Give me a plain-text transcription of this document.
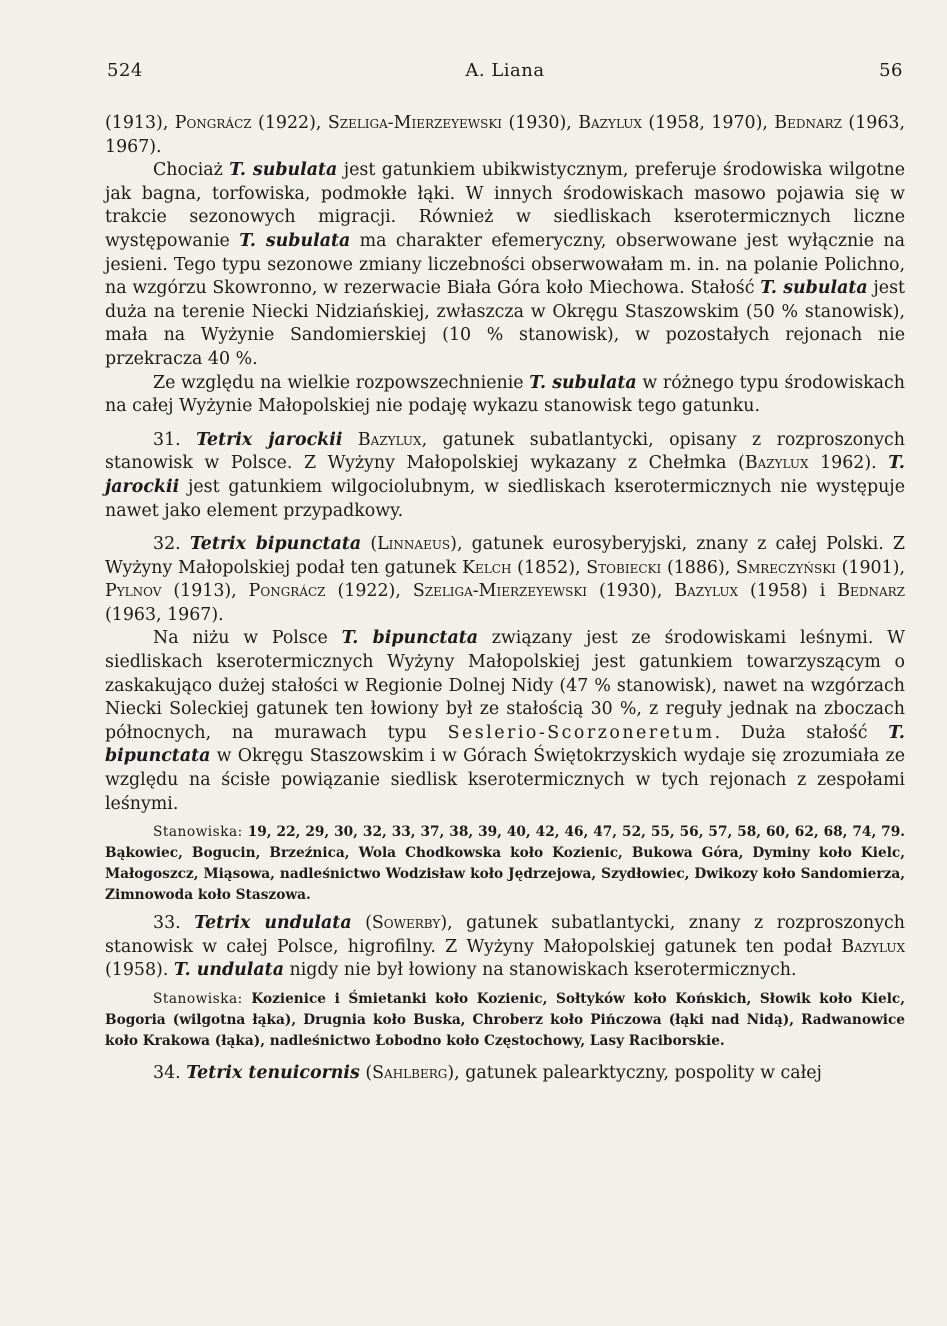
524	A. Liana	56

(1913), Pongrácz (1922), Szeliga-Mierzeyewski (1930), Bazylux (1958, 1970), Bednarz (1963, 1967).

Chociaż T. subulata jest gatunkiem ubikwistycznym, preferuje środowiska wilgotne jak bagna, torfowiska, podmokłe łąki. W innych środowiskach masowo pojawia się w trakcie sezonowych migracji. Również w siedliskach kserotermicznych liczne występowanie T. subulata ma charakter efemeryczny, obserwowane jest wyłącznie na jesieni. Tego typu sezonowe zmiany liczebności obserwowałam m. in. na polanie Polichno, na wzgórzu Skowronno, w rezerwacie Biała Góra koło Miechowa. Stałość T. subulata jest duża na terenie Niecki Nidziańskiej, zwłaszcza w Okręgu Staszowskim (50 % stanowisk), mała na Wyżynie Sandomierskiej (10 % stanowisk), w pozostałych rejonach nie przekracza 40 %.

Ze względu na wielkie rozpowszechnienie T. subulata w różnego typu środowiskach na całej Wyżynie Małopolskiej nie podaję wykazu stanowisk tego gatunku.

31. Tetrix jarockii Bazylux, gatunek subatlantycki, opisany z rozproszonych stanowisk w Polsce. Z Wyżyny Małopolskiej wykazany z Chełmka (Bazylux 1962). T. jarockii jest gatunkiem wilgociolubnym, w siedliskach kserotermicznych nie występuje nawet jako element przypadkowy.

32. Tetrix bipunctata (Linnaeus), gatunek eurosyberyjski, znany z całej Polski. Z Wyżyny Małopolskiej podał ten gatunek Kelch (1852), Stobiecki (1886), Smreczyński (1901), Pylnov (1913), Pongrácz (1922), Szeliga-Mierzeyewski (1930), Bazylux (1958) i Bednarz (1963, 1967).

Na niżu w Polsce T. bipunctata związany jest ze środowiskami leśnymi. W siedliskach kserotermicznych Wyżyny Małopolskiej jest gatunkiem towarzyszącym o zaskakująco dużej stałości w Regionie Dolnej Nidy (47 % stanowisk), nawet na wzgórzach Niecki Soleckiej gatunek ten łowiony był ze stałością 30 %, z reguły jednak na zboczach północnych, na murawach typu Seslerio-Scorzoneretum. Duża stałość T. bipunctata w Okręgu Staszowskim i w Górach Świętokrzyskich wydaje się zrozumiała ze względu na ścisłe powiązanie siedlisk kserotermicznych w tych rejonach z zespołami leśnymi.

Stanowiska: 19, 22, 29, 30, 32, 33, 37, 38, 39, 40, 42, 46, 47, 52, 55, 56, 57, 58, 60, 62, 68, 74, 79. Bąkowiec, Bogucin, Brzeźnica, Wola Chodkowska koło Kozienic, Bukowa Góra, Dyminy koło Kielc, Małogoszcz, Miąsowa, nadleśnictwo Wodzisław koło Jędrzejowa, Szydłowiec, Dwikozy koło Sandomierza, Zimnowoda koło Staszowa.

33. Tetrix undulata (Sowerby), gatunek subatlantycki, znany z rozproszonych stanowisk w całej Polsce, higrofilny. Z Wyżyny Małopolskiej gatunek ten podał Bazylux (1958). T. undulata nigdy nie był łowiony na stanowiskach kserotermicznych.

Stanowiska: Kozienice i Śmietanki koło Kozienic, Sołtyków koło Końskich, Słowik koło Kielc, Bogoria (wilgotna łąka), Drugnia koło Buska, Chroberz koło Pińczowa (łąki nad Nidą), Radwanowice koło Krakowa (łąka), nadleśnictwo Łobodno koło Częstochowy, Lasy Raciborskie.

34. Tetrix tenuicornis (Sahlberg), gatunek palearktyczny, pospolity w całej
